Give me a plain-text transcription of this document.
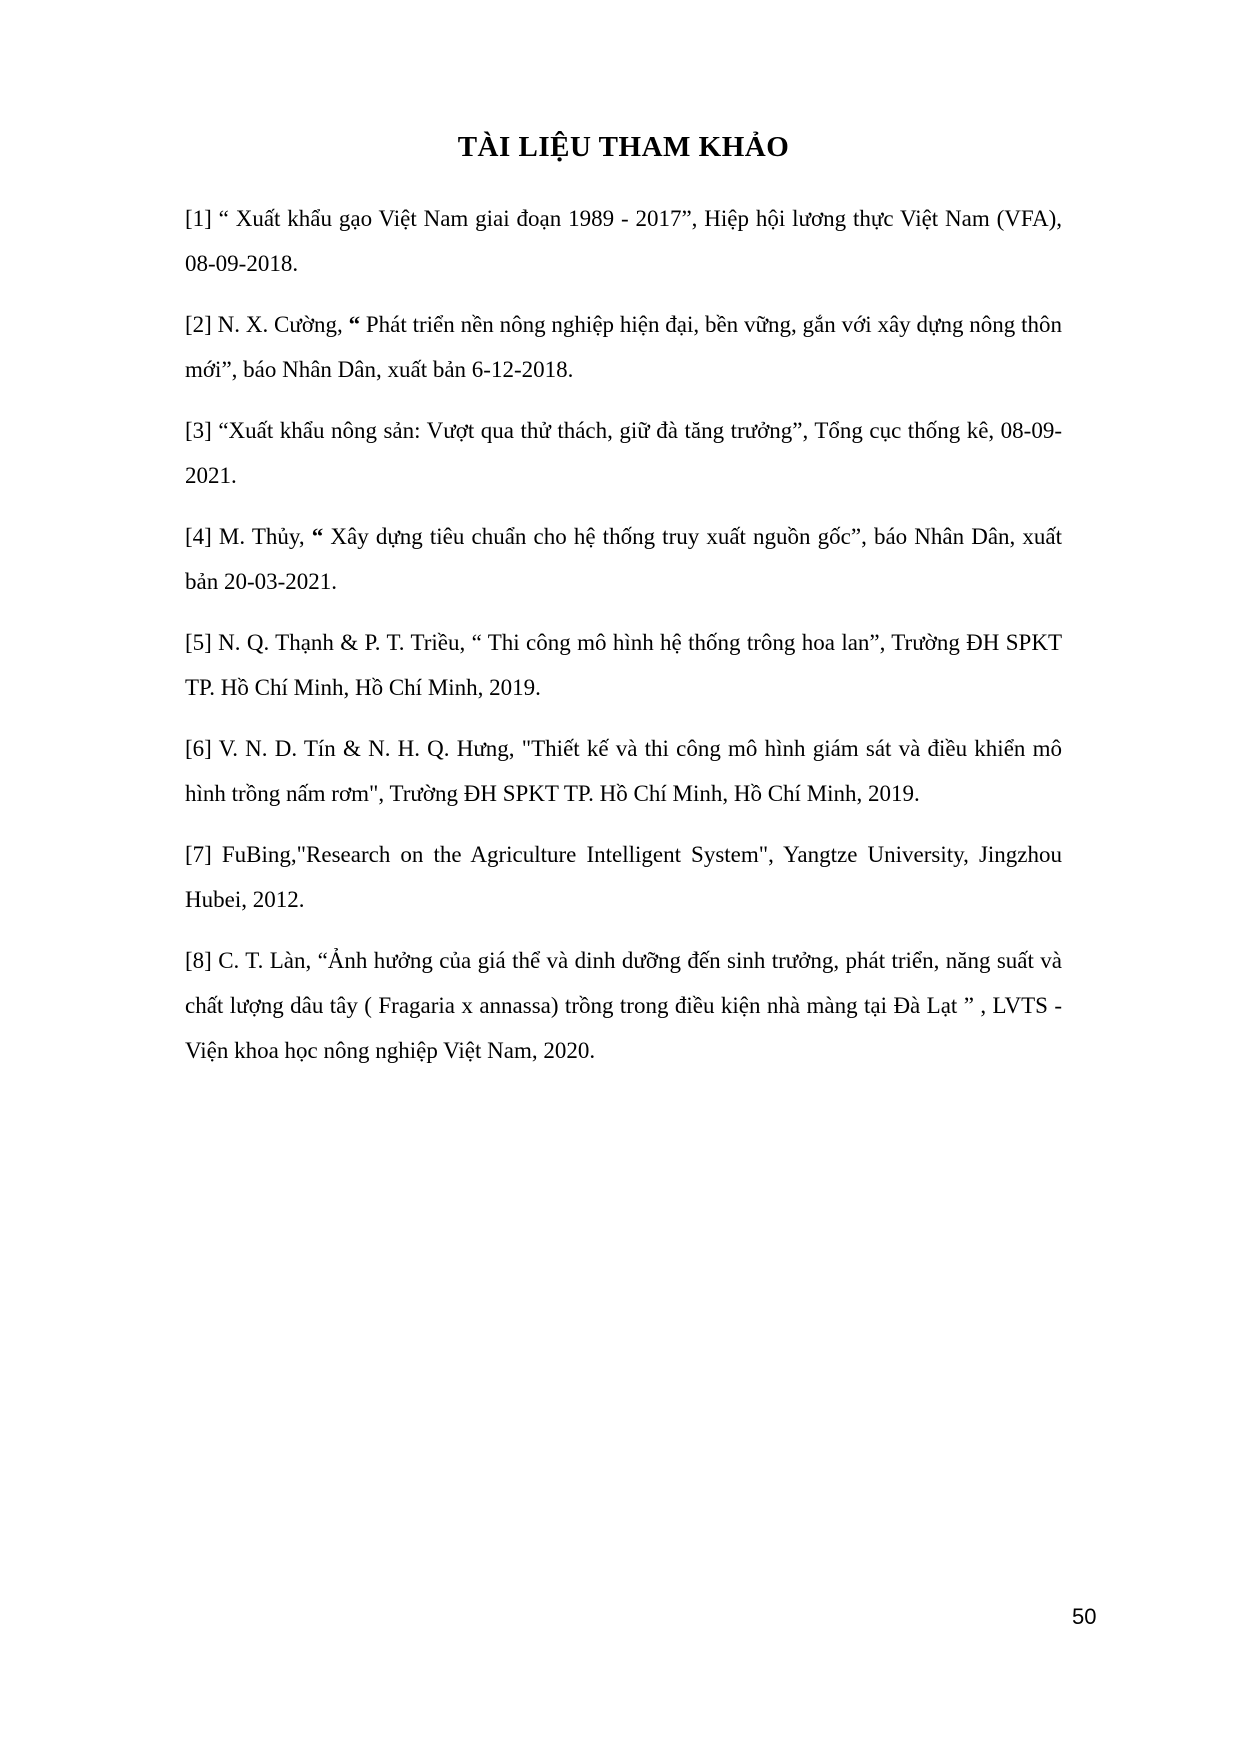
TÀI LIỆU THAM KHẢO

[1] “ Xuất khẩu gạo Việt Nam giai đoạn 1989 - 2017”, Hiệp hội lương thực Việt Nam (VFA), 08-09-2018.

[2] N. X. Cường, “ Phát triển nền nông nghiệp hiện đại, bền vững, gắn với xây dựng nông thôn mới”, báo Nhân Dân, xuất bản 6-12-2018.

[3] “Xuất khẩu nông sản: Vượt qua thử thách, giữ đà tăng trưởng”, Tổng cục thống kê, 08-09-2021.

[4] M. Thủy, “ Xây dựng tiêu chuẩn cho hệ thống truy xuất nguồn gốc”, báo Nhân Dân, xuất bản 20-03-2021.

[5] N. Q. Thạnh & P. T. Triều, “ Thi công mô hình hệ thống trông hoa lan”, Trường ĐH SPKT TP. Hồ Chí Minh, Hồ Chí Minh, 2019.

[6] V. N. D. Tín & N. H. Q. Hưng, "Thiết kế và thi công mô hình giám sát và điều khiển mô hình trồng nấm rơm", Trường ĐH SPKT TP. Hồ Chí Minh, Hồ Chí Minh, 2019.

[7] FuBing,"Research on the Agriculture Intelligent System", Yangtze University, Jingzhou Hubei, 2012.

[8] C. T. Làn, “Ảnh hưởng của giá thể và dinh dưỡng đến sinh trưởng, phát triển, năng suất và chất lượng dâu tây ( Fragaria x annassa) trồng trong điều kiện nhà màng tại Đà Lạt ” , LVTS - Viện khoa học nông nghiệp Việt Nam, 2020.

50
